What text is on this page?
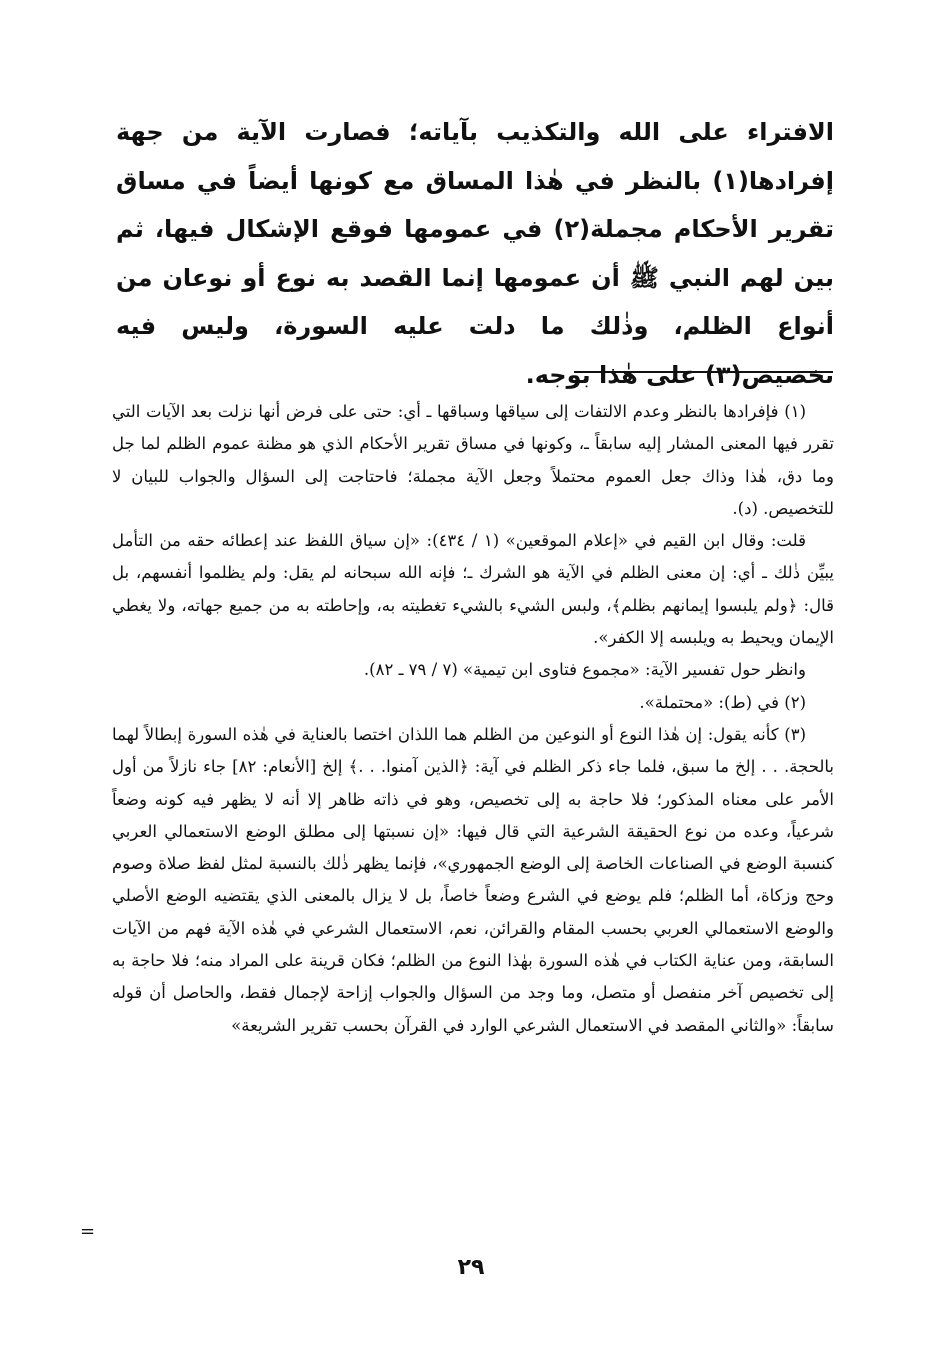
الافتراء على الله والتكذيب بآياته؛ فصارت الآية من جهة إفرادها(١) بالنظر في هٰذا المساق مع كونها أيضاً في مساق تقرير الأحكام مجملة(٢) في عمومها فوقع الإشكال فيها، ثم بين لهم النبي ﷺ أن عمومها إنما القصد به نوع أو نوعان من أنواع الظلم، وذٰلك ما دلت عليه السورة، وليس فيه تخصيص(٣) على هٰذا بوجه.

(١) فإفرادها بالنظر وعدم الالتفات إلى سياقها وسباقها ـ أي: حتى على فرض أنها نزلت بعد الآيات التي تقرر فيها المعنى المشار إليه سابقاً ـ، وكونها في مساق تقرير الأحكام الذي هو مظنة عموم الظلم لما جل وما دق، هٰذا وذاك جعل العموم محتملاً وجعل الآية مجملة؛ فاحتاجت إلى السؤال والجواب للبيان لا للتخصيص. (د).

قلت: وقال ابن القيم في «إعلام الموقعين» (١ / ٤٣٤): «إن سياق اللفظ عند إعطائه حقه من التأمل يبيِّن ذٰلك ـ أي: إن معنى الظلم في الآية هو الشرك ـ؛ فإنه الله سبحانه لم يقل: ولم يظلموا أنفسهم، بل قال: ﴿ولم يلبسوا إيمانهم بظلم﴾، ولبس الشيء بالشيء تغطيته به، وإحاطته به من جميع جهاته، ولا يغطي الإيمان ويحيط به ويلبسه إلا الكفر».

وانظر حول تفسير الآية: «مجموع فتاوى ابن تيمية» (٧ / ٧٩ ـ ٨٢).

(٢) في (ط): «محتملة».

(٣) كأنه يقول: إن هٰذا النوع أو النوعين من الظلم هما اللذان اختصا بالعناية في هٰذه السورة إبطالاً لهما بالحجة. . . إلخ ما سبق، فلما جاء ذكر الظلم في آية: ﴿الذين آمنوا. . .﴾ إلخ [الأنعام: ٨٢] جاء نازلاً من أول الأمر على معناه المذكور؛ فلا حاجة به إلى تخصيص، وهو في ذاته ظاهر إلا أنه لا يظهر فيه كونه وضعاً شرعياً، وعده من نوع الحقيقة الشرعية التي قال فيها: «إن نسبتها إلى مطلق الوضع الاستعمالي العربي كنسبة الوضع في الصناعات الخاصة إلى الوضع الجمهوري»، فإنما يظهر ذٰلك بالنسبة لمثل لفظ صلاة وصوم وحج وزكاة، أما الظلم؛ فلم يوضع في الشرع وضعاً خاصاً، بل لا يزال بالمعنى الذي يقتضيه الوضع الأصلي والوضع الاستعمالي العربي بحسب المقام والقرائن، نعم، الاستعمال الشرعي في هٰذه الآية فهم من الآيات السابقة، ومن عناية الكتاب في هٰذه السورة بهٰذا النوع من الظلم؛ فكان قرينة على المراد منه؛ فلا حاجة به إلى تخصيص آخر منفصل أو متصل، وما وجد من السؤال والجواب إزاحة لإجمال فقط، والحاصل أن قوله سابقاً: «والثاني المقصد في الاستعمال الشرعي الوارد في القرآن بحسب تقرير الشريعة»

=
٢٩
